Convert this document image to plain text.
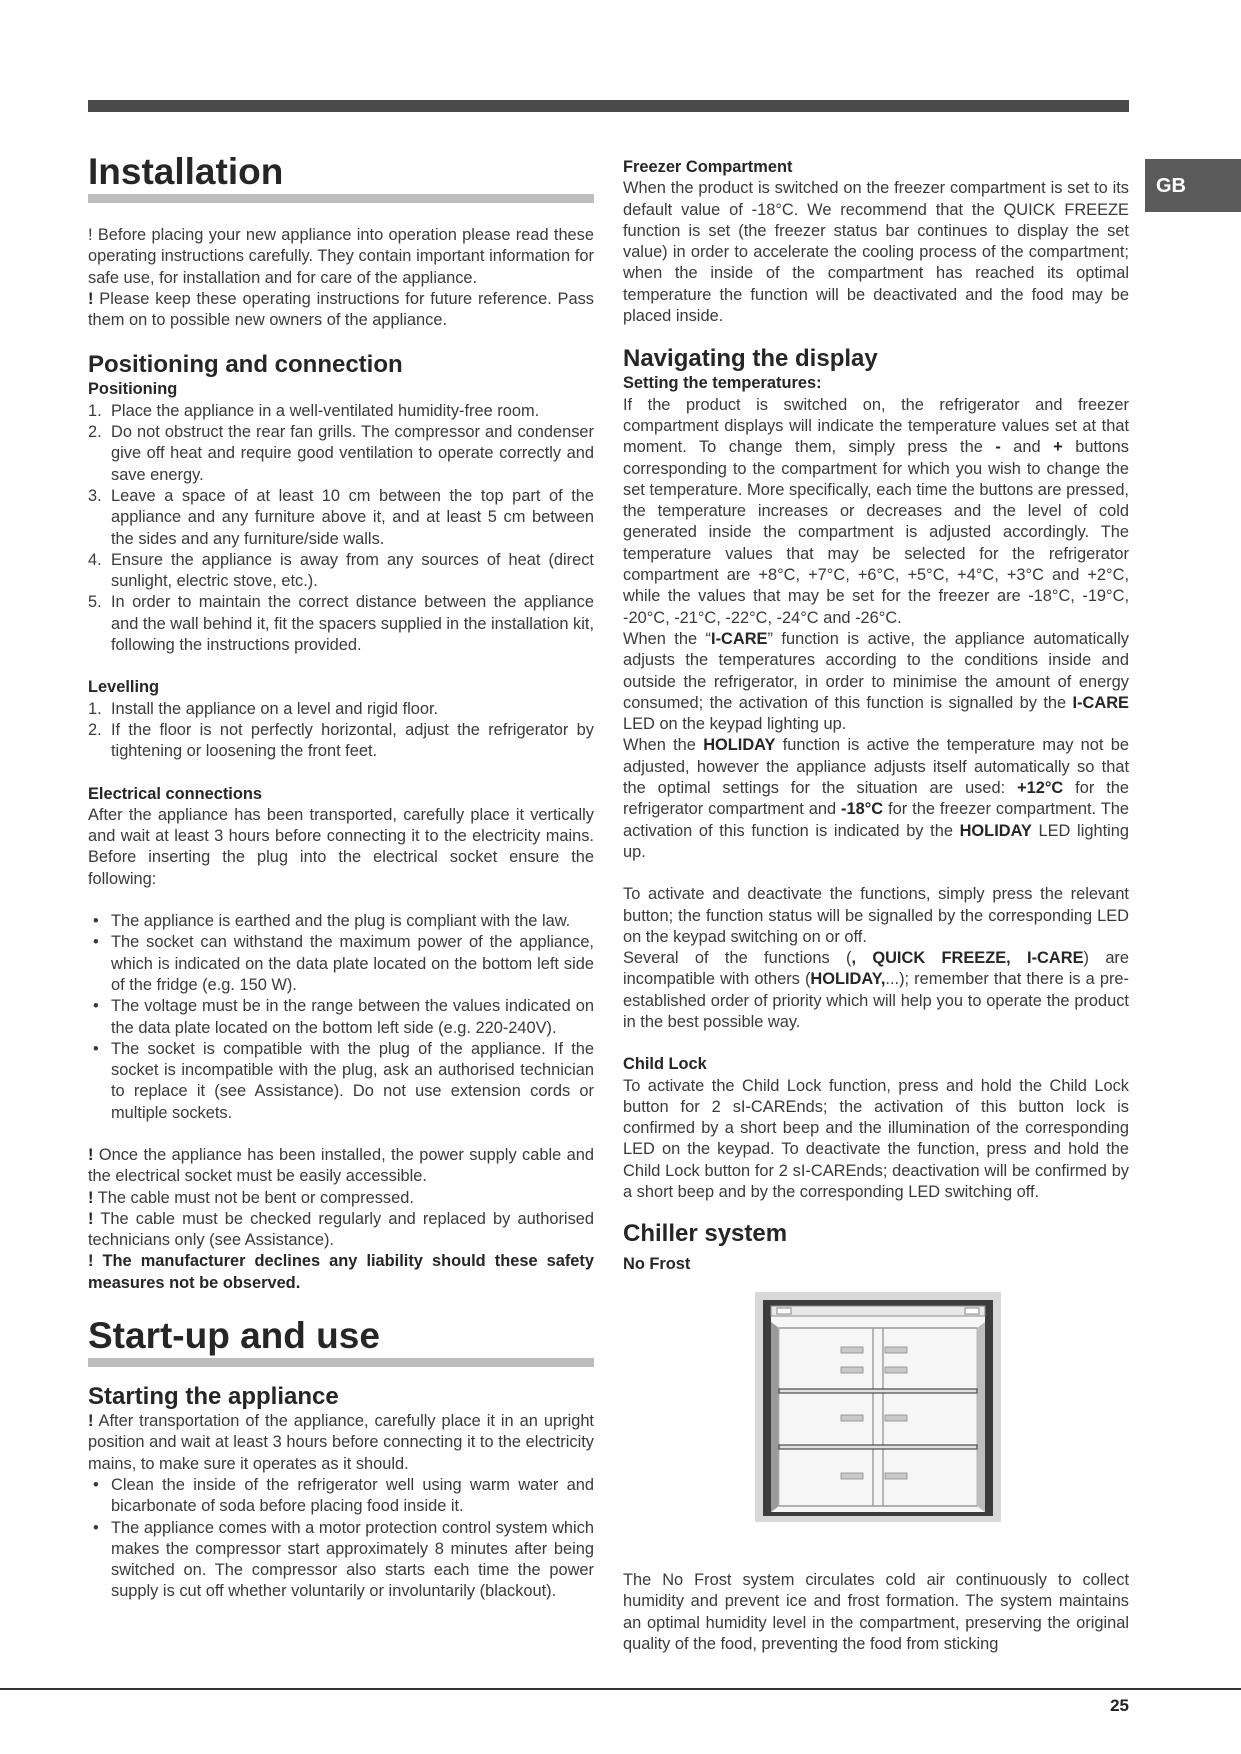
GB
Installation

! Before placing your new appliance into operation please read these operating instructions carefully. They contain important information for safe use, for installation and for care of the appliance.

! Please keep these operating instructions for future reference. Pass them on to possible new owners of the appliance.

Positioning and connection
Positioning
1. Place the appliance in a well-ventilated humidity-free room.
2. Do not obstruct the rear fan grills. The compressor and condenser give off heat and require good ventilation to operate correctly and save energy.
3. Leave a space of at least 10 cm between the top part of the appliance and any furniture above it, and at least 5 cm between the sides and any furniture/side walls.
4. Ensure the appliance is away from any sources of heat (direct sunlight, electric stove, etc.).
5. In order to maintain the correct distance between the appliance and the wall behind it, fit the spacers supplied in the installation kit, following the instructions provided.
Levelling
1. Install the appliance on a level and rigid floor.
2. If the floor is not perfectly horizontal, adjust the refrigerator by tightening or loosening the front feet.
Electrical connections

After the appliance has been transported, carefully place it vertically and wait at least 3 hours before connecting it to the electricity mains. Before inserting the plug into the electrical socket ensure the following:

• The appliance is earthed and the plug is compliant with the law.
• The socket can withstand the maximum power of the appliance, which is indicated on the data plate located on the bottom left side of the fridge (e.g. 150 W).
• The voltage must be in the range between the values indicated on the data plate located on the bottom left side (e.g. 220-240V).
• The socket is compatible with the plug of the appliance. If the socket is incompatible with the plug, ask an authorised technician to replace it (see Assistance). Do not use extension cords or multiple sockets.

! Once the appliance has been installed, the power supply cable and the electrical socket must be easily accessible.

! The cable must not be bent or compressed.

! The cable must be checked regularly and replaced by authorised technicians only (see Assistance).

! The manufacturer declines any liability should these safety measures not be observed.

Start-up and use
Starting the appliance

! After transportation of the appliance, carefully place it in an upright position and wait at least 3 hours before connecting it to the electricity mains, to make sure it operates as it should.

• Clean the inside of the refrigerator well using warm water and bicarbonate of soda before placing food inside it.
• The appliance comes with a motor protection control system which makes the compressor start approximately 8 minutes after being switched on. The compressor also starts each time the power supply is cut off whether voluntarily or involuntarily (blackout).
Freezer Compartment

When the product is switched on the freezer compartment is set to its default value of -18°C. We recommend that the QUICK FREEZE function is set (the freezer status bar continues to display the set value) in order to accelerate the cooling process of the compartment; when the inside of the compartment has reached its optimal temperature the function will be deactivated and the food may be placed inside.

Navigating the display
Setting the temperatures:

If the product is switched on, the refrigerator and freezer compartment displays will indicate the temperature values set at that moment. To change them, simply press the - and + buttons corresponding to the compartment for which you wish to change the set temperature. More specifically, each time the buttons are pressed, the temperature increases or decreases and the level of cold generated inside the compartment is adjusted accordingly. The temperature values that may be selected for the refrigerator compartment are +8°C, +7°C, +6°C, +5°C, +4°C, +3°C and +2°C, while the values that may be set for the freezer are -18°C, -19°C, -20°C, -21°C, -22°C, -24°C and -26°C.

When the “I-CARE” function is active, the appliance automatically adjusts the temperatures according to the conditions inside and outside the refrigerator, in order to minimise the amount of energy consumed; the activation of this function is signalled by the I-CARE LED on the keypad lighting up.

When the HOLIDAY function is active the temperature may not be adjusted, however the appliance adjusts itself automatically so that the optimal settings for the situation are used: +12°C for the refrigerator compartment and -18°C for the freezer compartment. The activation of this function is indicated by the HOLIDAY LED lighting up.

To activate and deactivate the functions, simply press the relevant button; the function status will be signalled by the corresponding LED on the keypad switching on or off.

Several of the functions (, QUICK FREEZE, I-CARE) are incompatible with others (HOLIDAY,...); remember that there is a pre-established order of priority which will help you to operate the product in the best possible way.

Child Lock

To activate the Child Lock function, press and hold the Child Lock button for 2 sI-CAREnds; the activation of this button lock is confirmed by a short beep and the illumination of the corresponding LED on the keypad. To deactivate the function, press and hold the Child Lock button for 2 sI-CAREnds; deactivation will be confirmed by a short beep and by the corresponding LED switching off.

Chiller system
No Frost

The No Frost system circulates cold air continuously to collect humidity and prevent ice and frost formation. The system maintains an optimal humidity level in the compartment, preserving the original quality of the food, preventing the food from sticking

25
